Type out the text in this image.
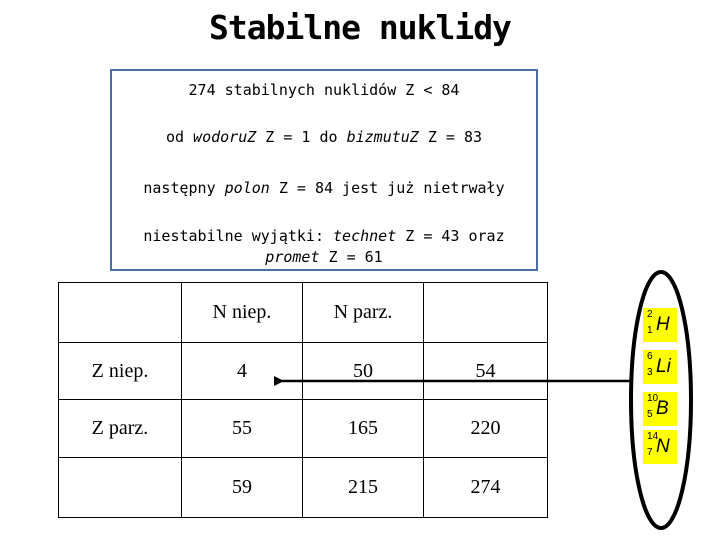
Stabilne nuklidy
274 stabilnych nuklidów Z < 84
od wodoruZ Z = 1 do bizmutuZ Z = 83
następny polon Z = 84 jest już nietrwały
niestabilne wyjątki: technet Z = 43 oraz promet Z = 61
	N niep.	N parz.	
Z niep.	4	50	54
Z parz.	55	165	220
	59	215	274
2
1 H
6
3 Li
10
5 B
14
7 N
